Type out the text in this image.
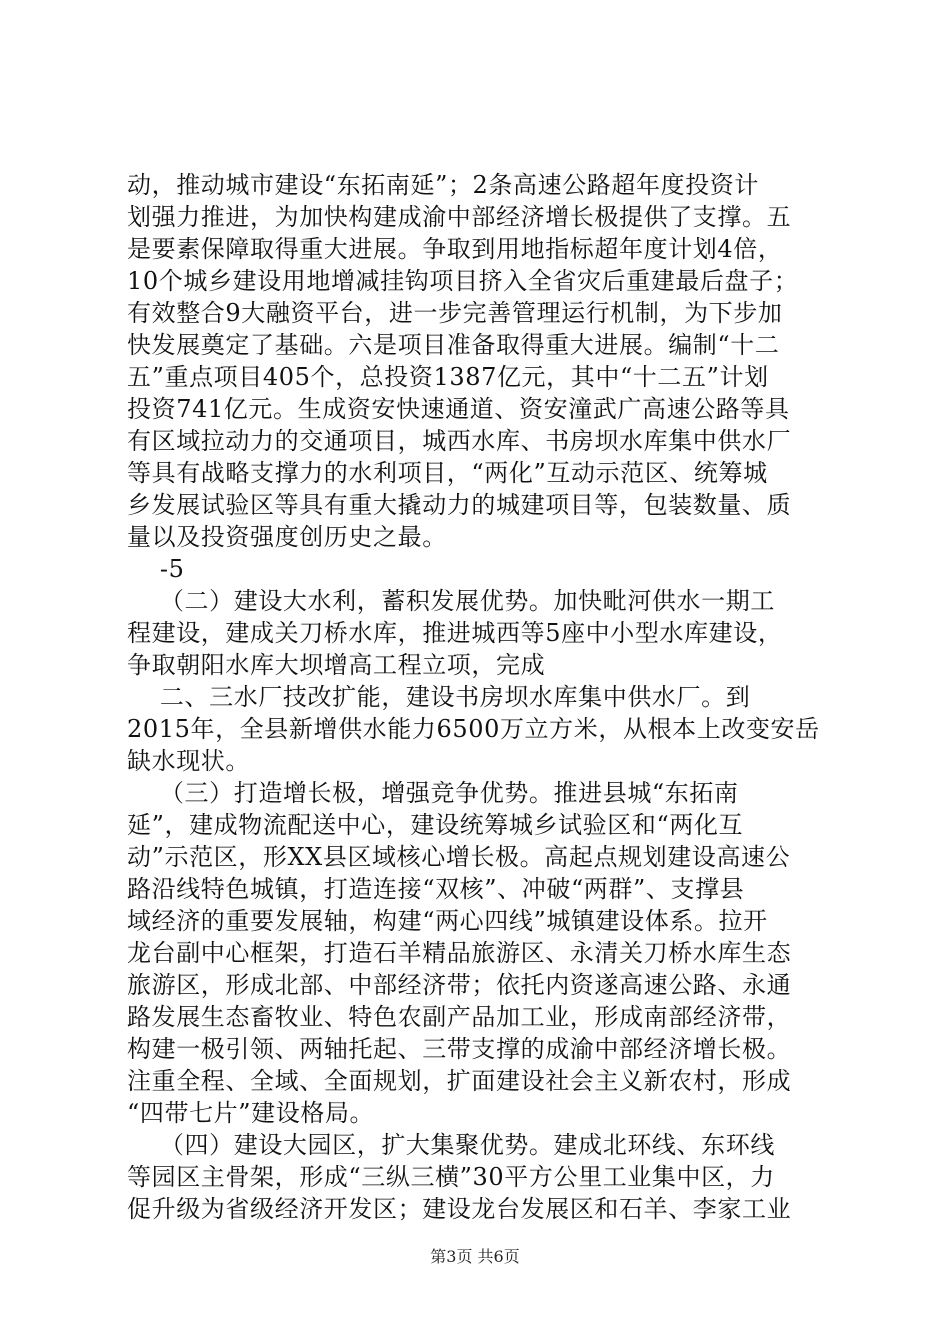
动，推动城市建设“东拓南延”；2条高速公路超年度投资计
划强力推进，为加快构建成渝中部经济增长极提供了支撑。五
是要素保障取得重大进展。争取到用地指标超年度计划4倍，
10个城乡建设用地增减挂钩项目挤入全省灾后重建最后盘子；
有效整合9大融资平台，进一步完善管理运行机制，为下步加
快发展奠定了基础。六是项目准备取得重大进展。编制“十二
五”重点项目405个，总投资1387亿元，其中“十二五”计划
投资741亿元。生成资安快速通道、资安潼武广高速公路等具
有区域拉动力的交通项目，城西水库、书房坝水库集中供水厂
等具有战略支撑力的水利项目，“两化”互动示范区、统筹城
乡发展试验区等具有重大撬动力的城建项目等，包装数量、质
量以及投资强度创历史之最。
-5
（二）建设大水利，蓄积发展优势。加快毗河供水一期工
程建设，建成关刀桥水库，推进城西等5座中小型水库建设，
争取朝阳水库大坝增高工程立项，完成
二、三水厂技改扩能，建设书房坝水库集中供水厂。到
2015年，全县新增供水能力6500万立方米，从根本上改变安岳
缺水现状。
（三）打造增长极，增强竞争优势。推进县城“东拓南
延”，建成物流配送中心，建设统筹城乡试验区和“两化互
动”示范区，形XX县区域核心增长极。高起点规划建设高速公
路沿线特色城镇，打造连接“双核”、冲破“两群”、支撑县
域经济的重要发展轴，构建“两心四线”城镇建设体系。拉开
龙台副中心框架，打造石羊精品旅游区、永清关刀桥水库生态
旅游区，形成北部、中部经济带；依托内资遂高速公路、永通
路发展生态畜牧业、特色农副产品加工业，形成南部经济带，
构建一极引领、两轴托起、三带支撑的成渝中部经济增长极。
注重全程、全域、全面规划，扩面建设社会主义新农村，形成
“四带七片”建设格局。
（四）建设大园区，扩大集聚优势。建成北环线、东环线
等园区主骨架，形成“三纵三横”30平方公里工业集中区，力
促升级为省级经济开发区；建设龙台发展区和石羊、李家工业
第3页 共6页
